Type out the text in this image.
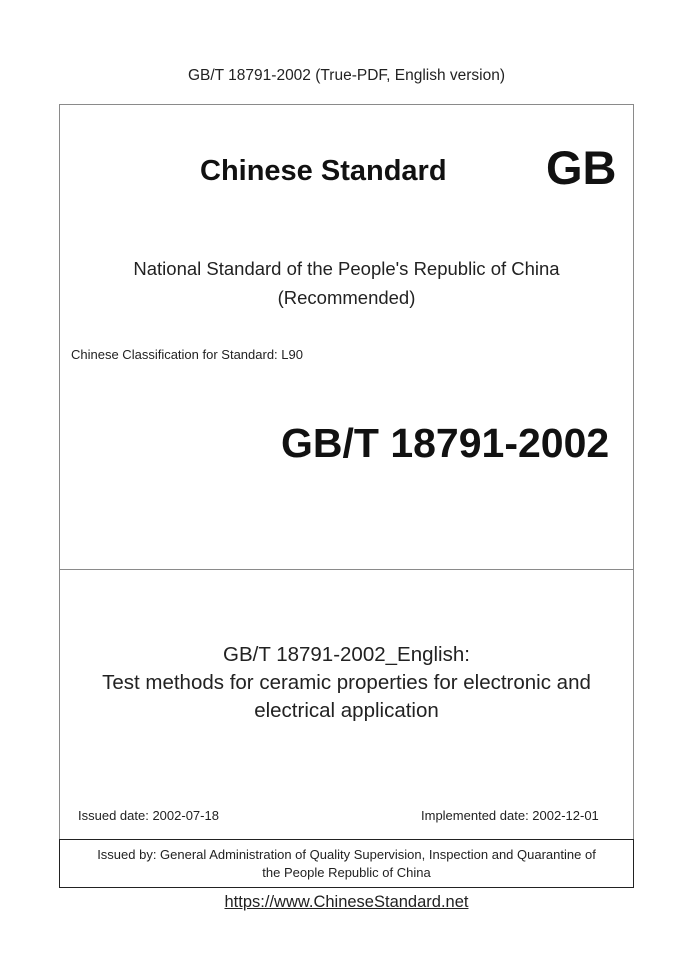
GB/T 18791-2002 (True-PDF, English version)
Chinese Standard GB
National Standard of the People's Republic of China
(Recommended)
Chinese Classification for Standard: L90
GB/T 18791-2002
GB/T 18791-2002_English:
Test methods for ceramic properties for electronic and
electrical application
Issued date: 2002-07-18	Implemented date: 2002-12-01
Issued by: General Administration of Quality Supervision, Inspection and Quarantine of
the People Republic of China
https://www.ChineseStandard.net
